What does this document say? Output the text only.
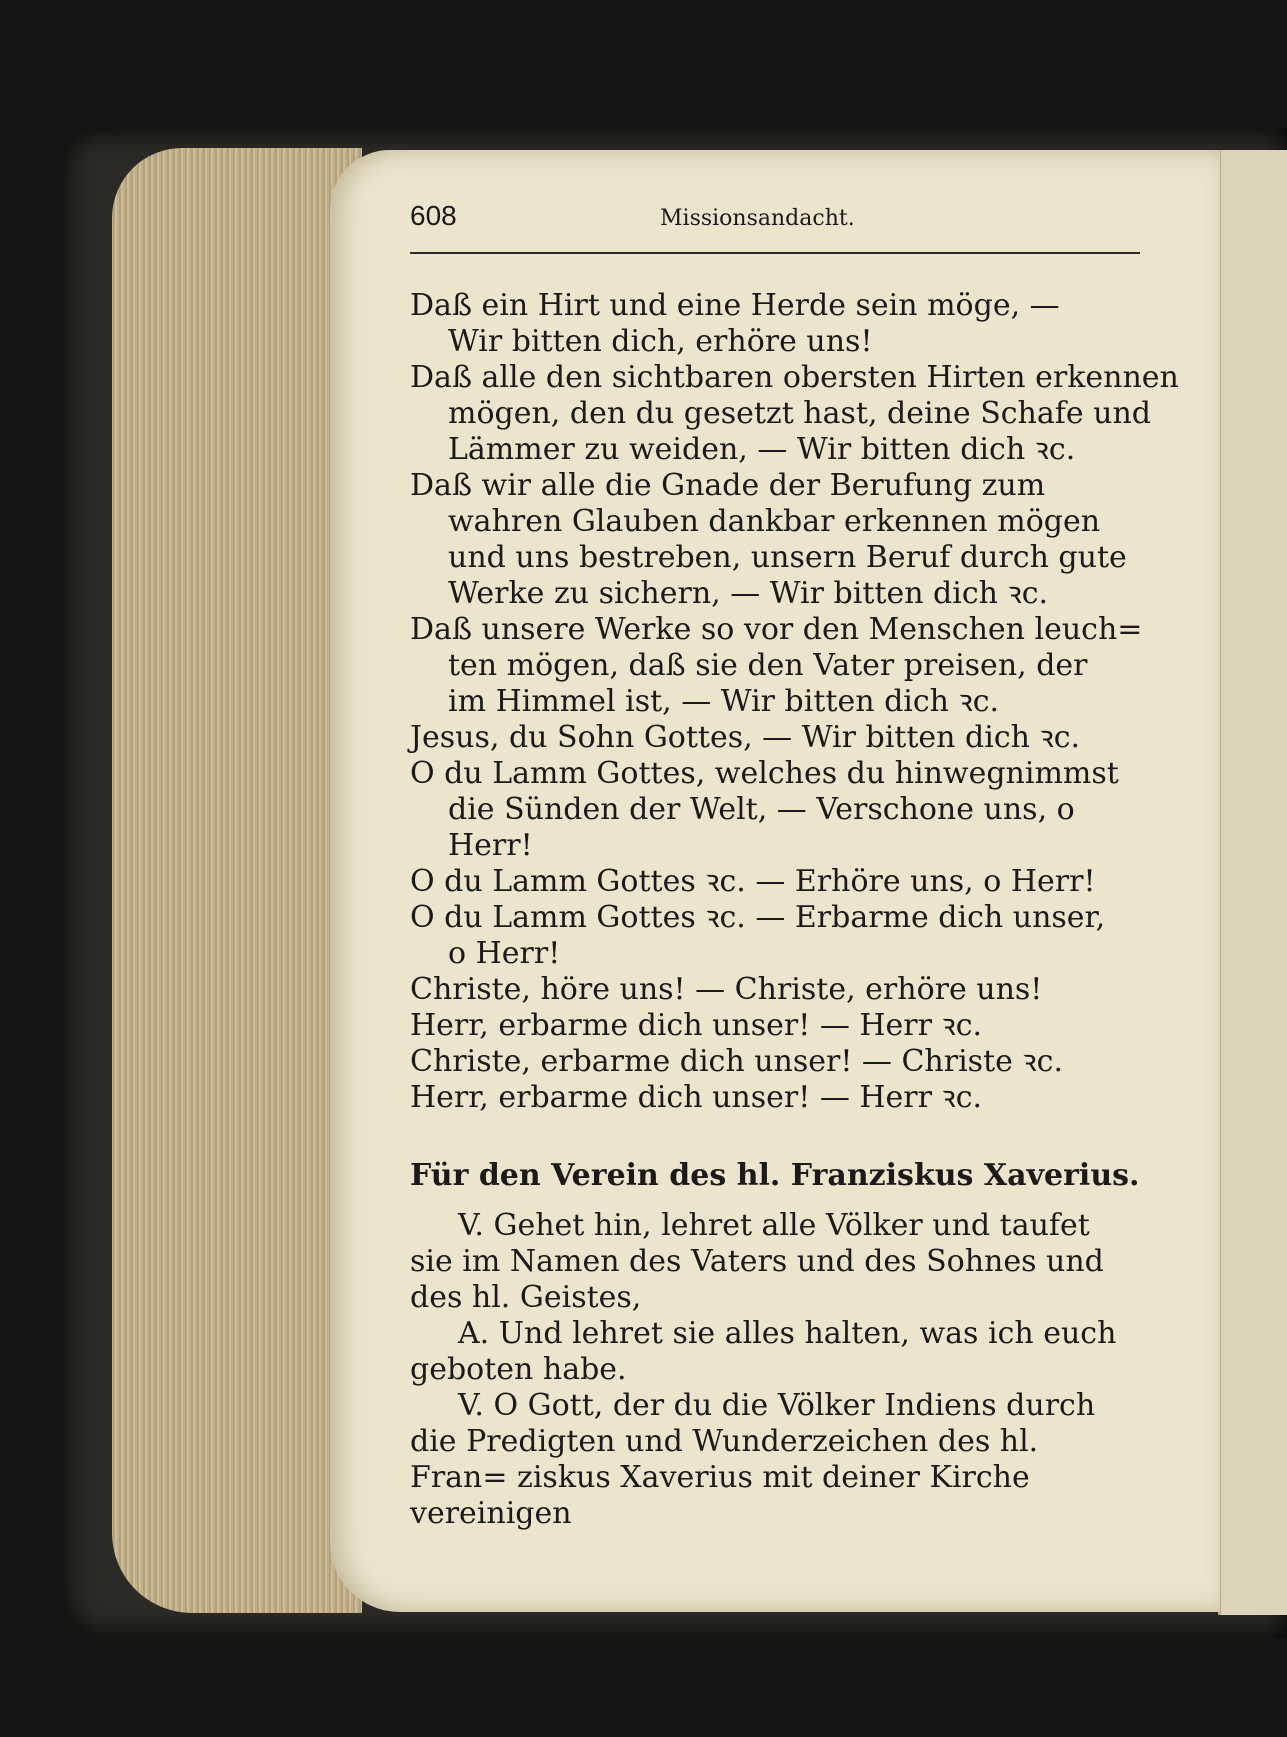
608	Missionsandacht.
Daß ein Hirt und eine Herde sein möge, —
Wir bitten dich, erhöre uns!
Daß alle den sichtbaren obersten Hirten erkennen
mögen, den du gesetzt hast, deine Schafe und
Lämmer zu weiden, — Wir bitten dich ꝛc.
Daß wir alle die Gnade der Berufung zum
wahren Glauben dankbar erkennen mögen
und uns bestreben, unsern Beruf durch gute
Werke zu sichern, — Wir bitten dich ꝛc.
Daß unsere Werke so vor den Menschen leuch=
ten mögen, daß sie den Vater preisen, der
im Himmel ist, — Wir bitten dich ꝛc.
Jesus, du Sohn Gottes, — Wir bitten dich ꝛc.
O du Lamm Gottes, welches du hinwegnimmst
die Sünden der Welt, — Verschone uns, o
Herr!
O du Lamm Gottes ꝛc. — Erhöre uns, o Herr!
O du Lamm Gottes ꝛc. — Erbarme dich unser,
o Herr!
Christe, höre uns! — Christe, erhöre uns!
Herr, erbarme dich unser! — Herr ꝛc.
Christe, erbarme dich unser! — Christe ꝛc.
Herr, erbarme dich unser! — Herr ꝛc.
Für den Verein des hl. Franziskus Xaverius.

V. Gehet hin, lehret alle Völker und taufet sie im Namen des Vaters und des Sohnes und des hl. Geistes,

A. Und lehret sie alles halten, was ich euch geboten habe.

V. O Gott, der du die Völker Indiens durch die Predigten und Wunderzeichen des hl. Fran= ziskus Xaverius mit deiner Kirche vereinigen
